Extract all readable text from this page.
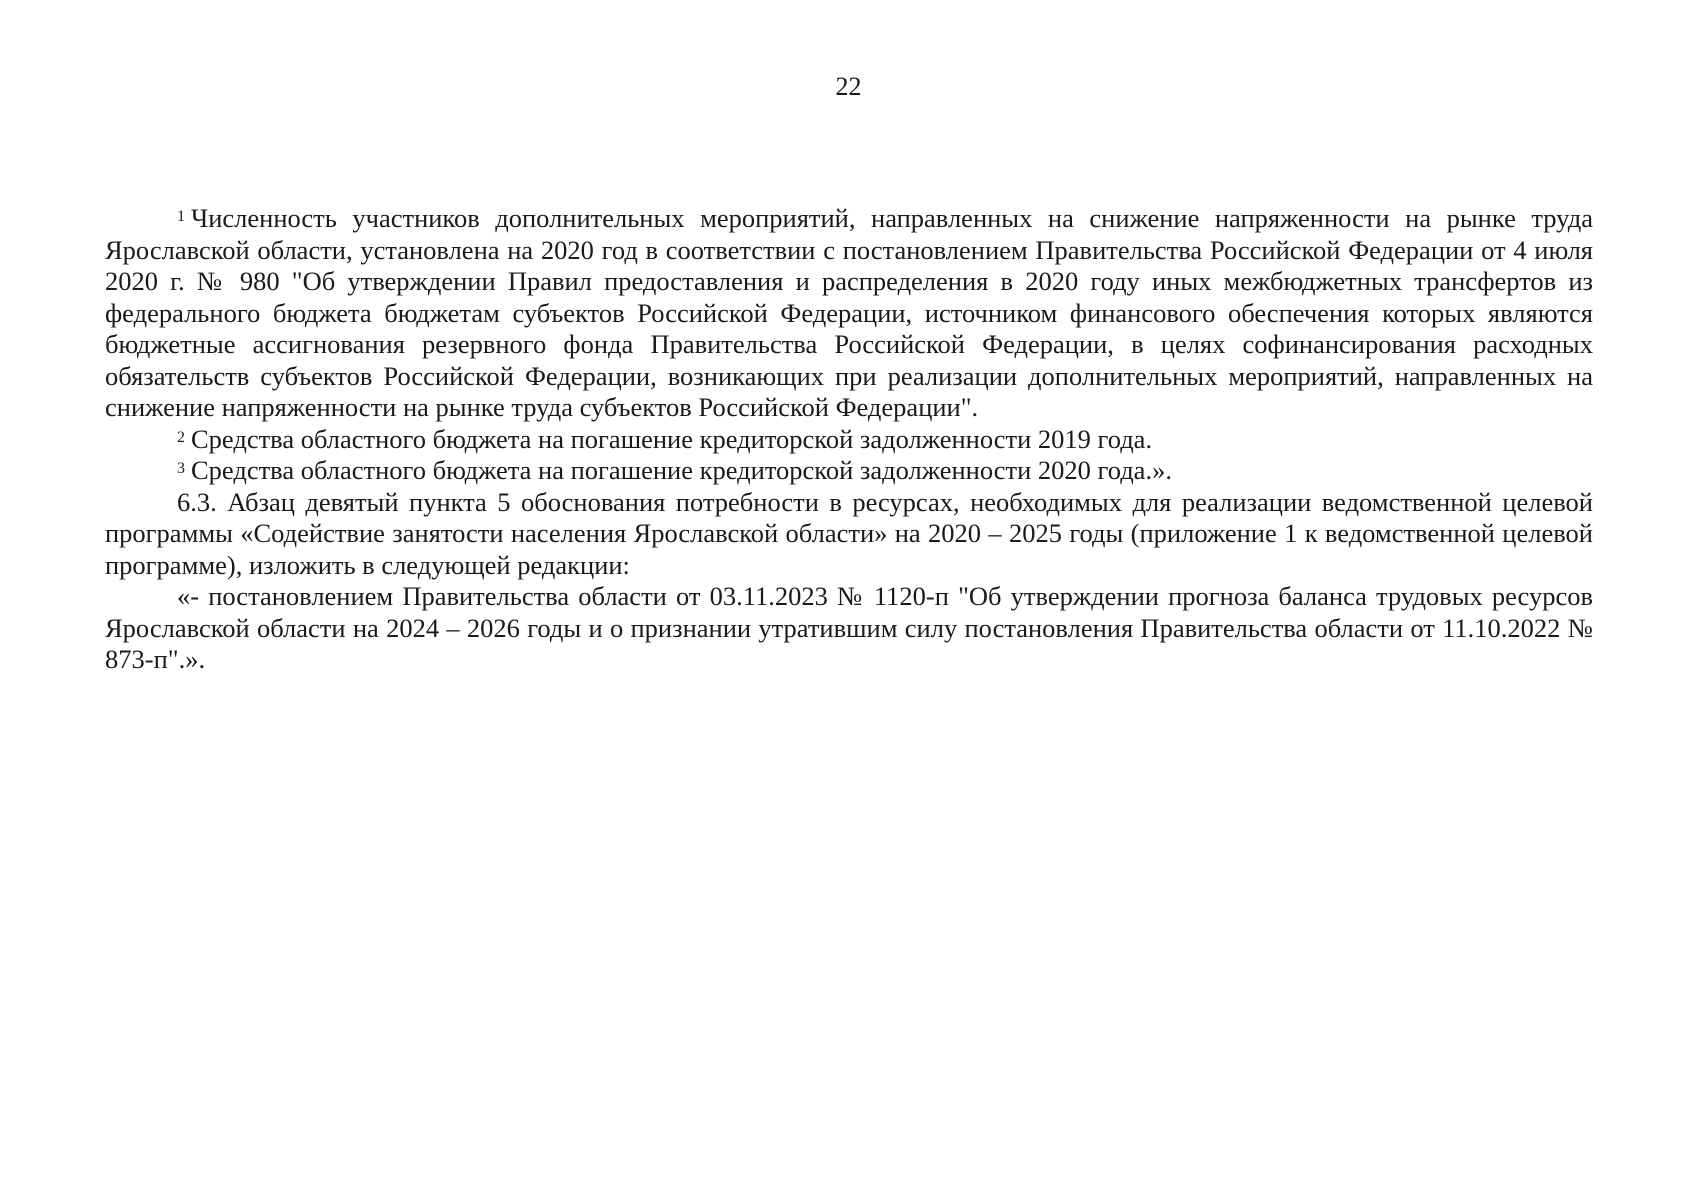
22

$^1$ Численность участников дополнительных мероприятий, направленных на снижение напряженности на рынке труда Ярославской области, установлена на 2020 год в соответствии с постановлением Правительства Российской Федерации от 4 июля 2020 г. № 980 "Об утверждении Правил предоставления и распределения в 2020 году иных межбюджетных трансфертов из федерального бюджета бюджетам субъектов Российской Федерации, источником финансового обеспечения которых являются бюджетные ассигнования резервного фонда Правительства Российской Федерации, в целях софинансирования расходных обязательств субъектов Российской Федерации, возникающих при реализации дополнительных мероприятий, направленных на снижение напряженности на рынке труда субъектов Российской Федерации".

$^2$ Средства областного бюджета на погашение кредиторской задолженности 2019 года.

$^3$ Средства областного бюджета на погашение кредиторской задолженности 2020 года.».

6.3. Абзац девятый пункта 5 обоснования потребности в ресурсах, необходимых для реализации ведомственной целевой программы «Содействие занятости населения Ярославской области» на 2020 – 2025 годы (приложение 1 к ведомственной целевой программе), изложить в следующей редакции:

«- постановлением Правительства области от 03.11.2023 № 1120-п "Об утверждении прогноза баланса трудовых ресурсов Ярославской области на 2024 – 2026 годы и о признании утратившим силу постановления Правительства области от 11.10.2022 № 873-п".».
